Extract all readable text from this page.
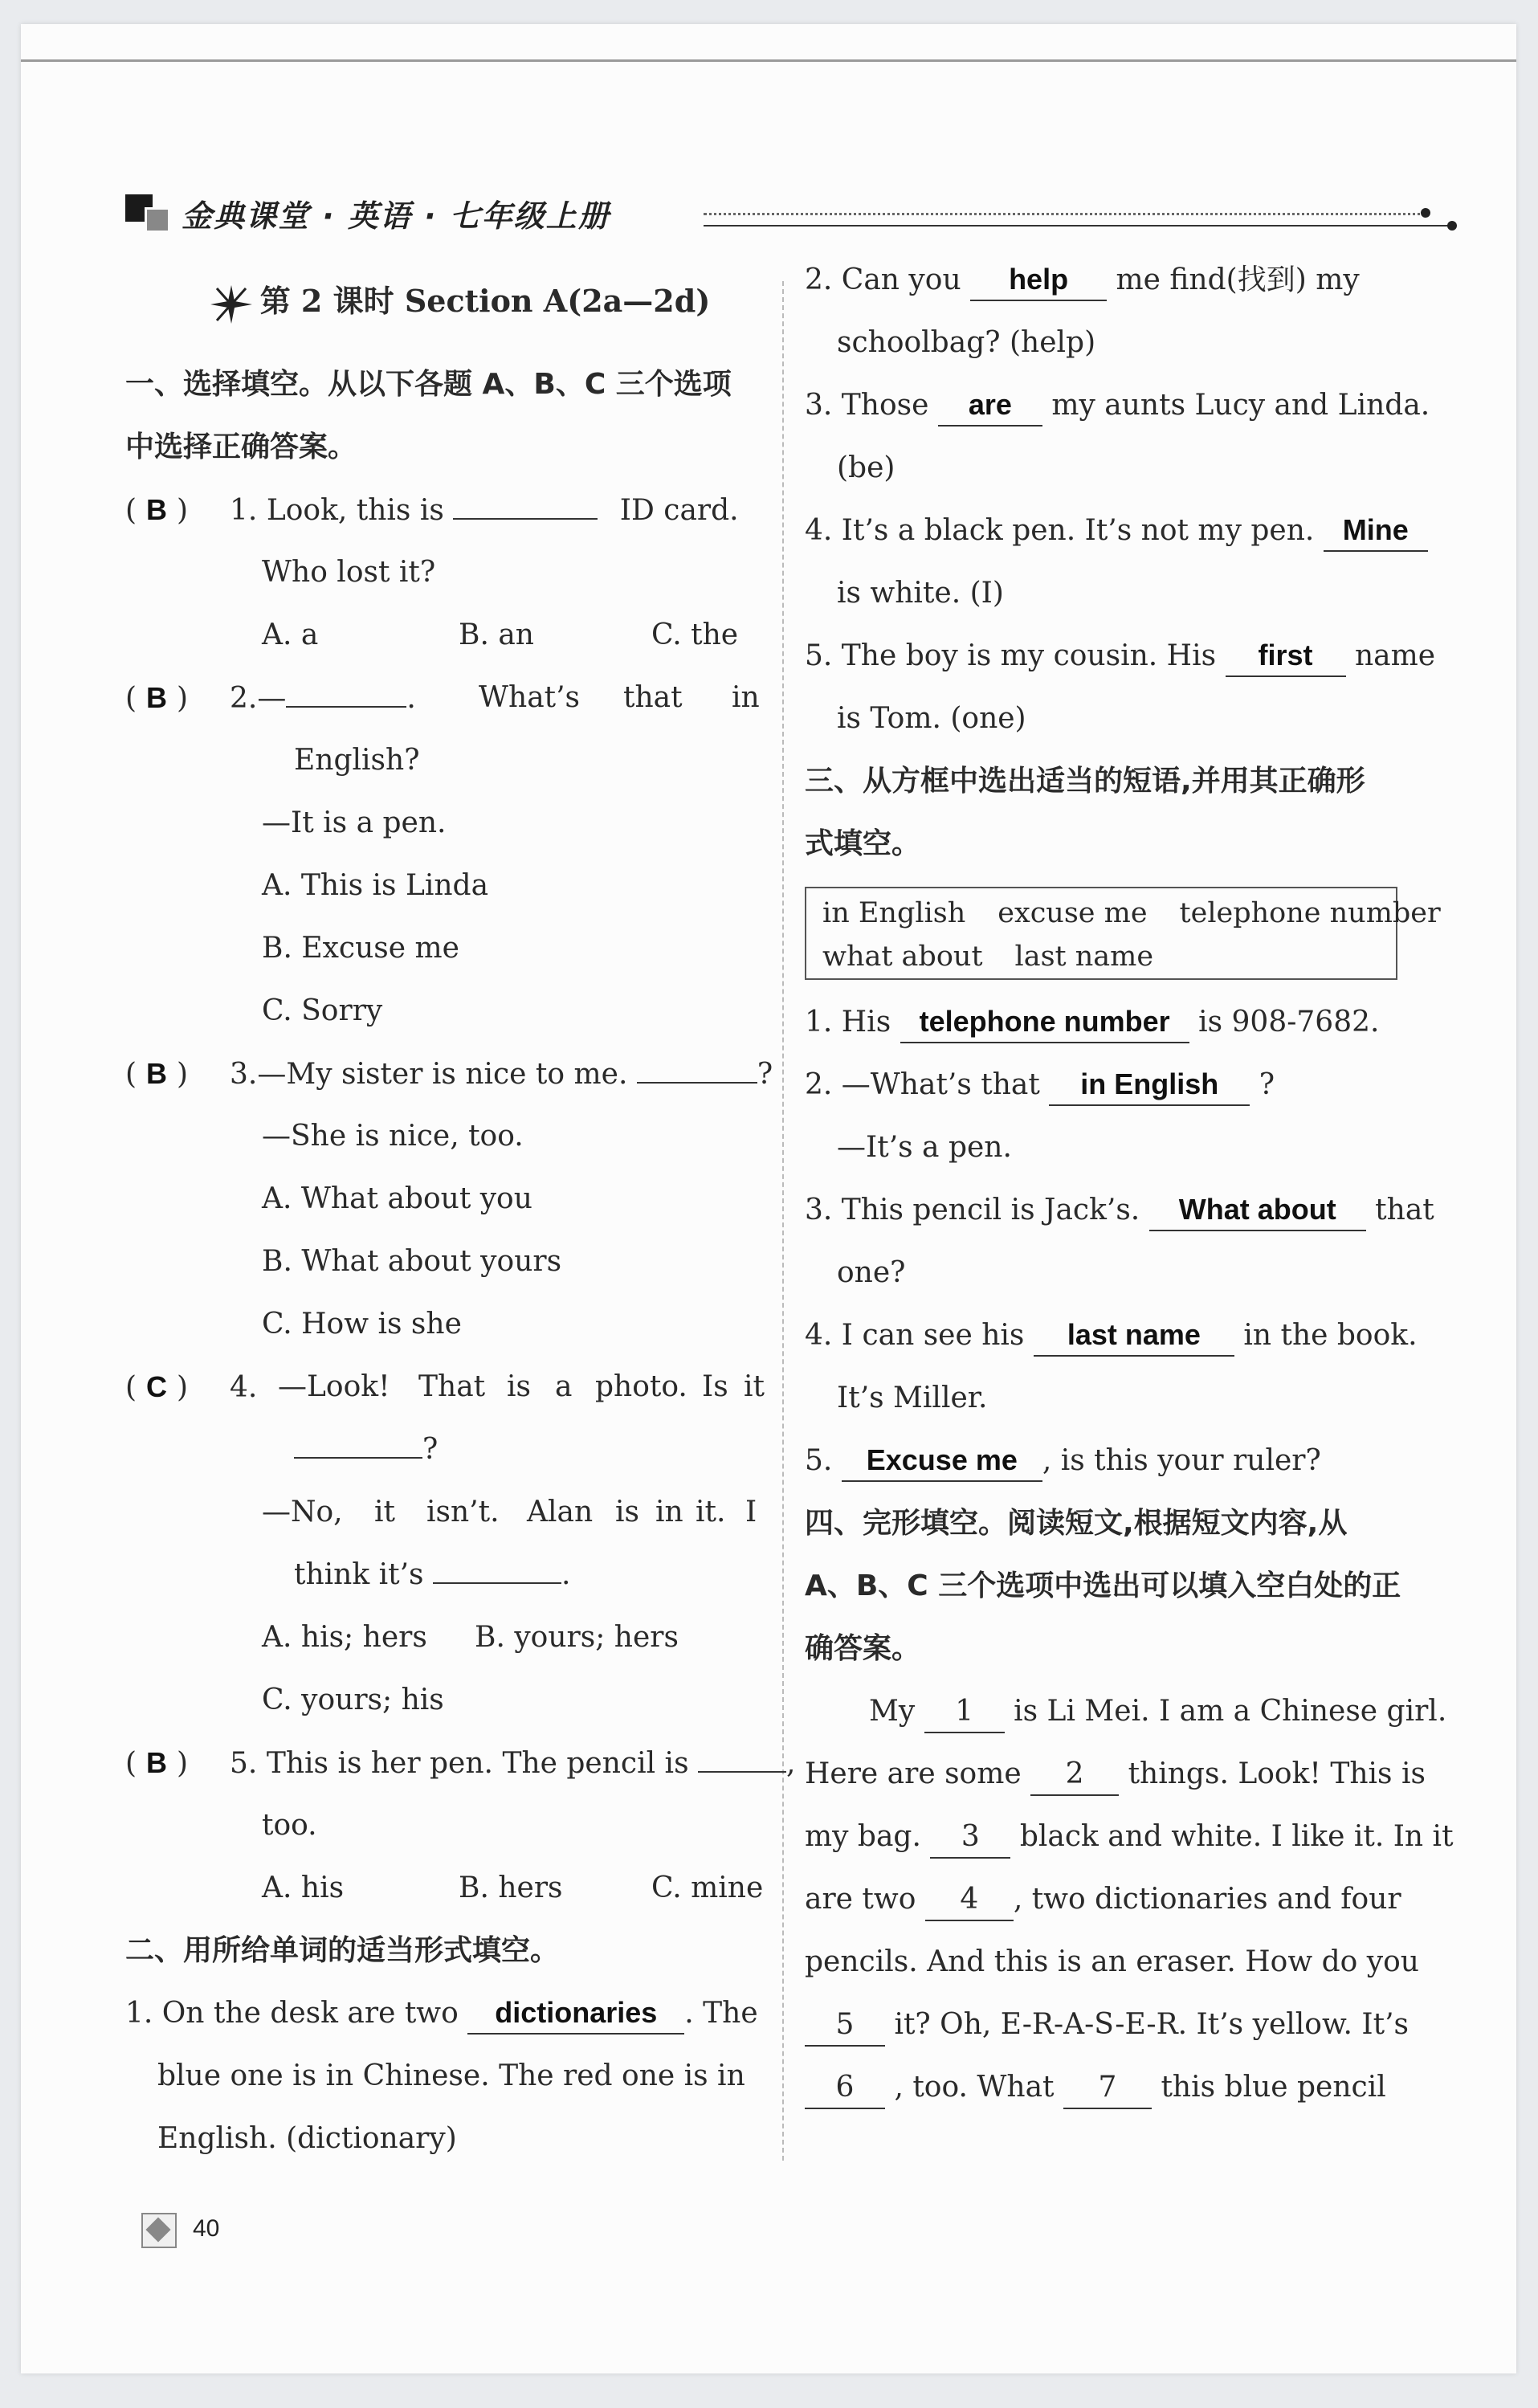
金典课堂 · 英语 · 七年级上册
第 2 课时 Section A(2a—2d)
一、选择填空。从以下各题 A、B、C 三个选项
中选择正确答案。
( B ) 1. Look, this is	ID card.
Who lost it?
A. a	B. an	C. the
( B ) 2.—	. What’s that in
English?
—It is a pen.
A. This is Linda
B. Excuse me
C. Sorry
( B ) 3.—My sister is nice to me.	?
—She is nice, too.
A. What about you
B. What about yours
C. How is she
( C ) 4. —Look! That is a photo. Is it
?
—No, it isn’t. Alan is in it. I
think it’s	.
A. his; hers B. yours; hers
C. yours; his
( B ) 5. This is her pen. The pencil is	,
too.
A. his	B. hers	C. mine
二、用所给单词的适当形式填空。
1. On the desk are two dictionaries . The
blue one is in Chinese. The red one is in
English. (dictionary)
2. Can you help me find(找到) my
schoolbag? (help)
3. Those are my aunts Lucy and Linda.
(be)
4. It’s a black pen. It’s not my pen. Mine
is white. (I)
5. The boy is my cousin. His first name
is Tom. (one)
三、从方框中选出适当的短语,并用其正确形
式填空。
in English excuse me telephone number
what about last name
1. His telephone number is 908-7682.
2. —What’s that in English ?
—It’s a pen.
3. This pencil is Jack’s. What about that
one?
4. I can see his last name in the book.
It’s Miller.
5. Excuse me , is this your ruler?
四、完形填空。阅读短文,根据短文内容,从
A、B、C 三个选项中选出可以填入空白处的正
确答案。
My 1 is Li Mei. I am a Chinese girl.
Here are some 2 things. Look! This is
my bag. 3 black and white. I like it. In it
are two 4 , two dictionaries and four
pencils. And this is an eraser. How do you
5 it? Oh, E-R-A-S-E-R. It’s yellow. It’s
6 , too. What 7 this blue pencil
40
